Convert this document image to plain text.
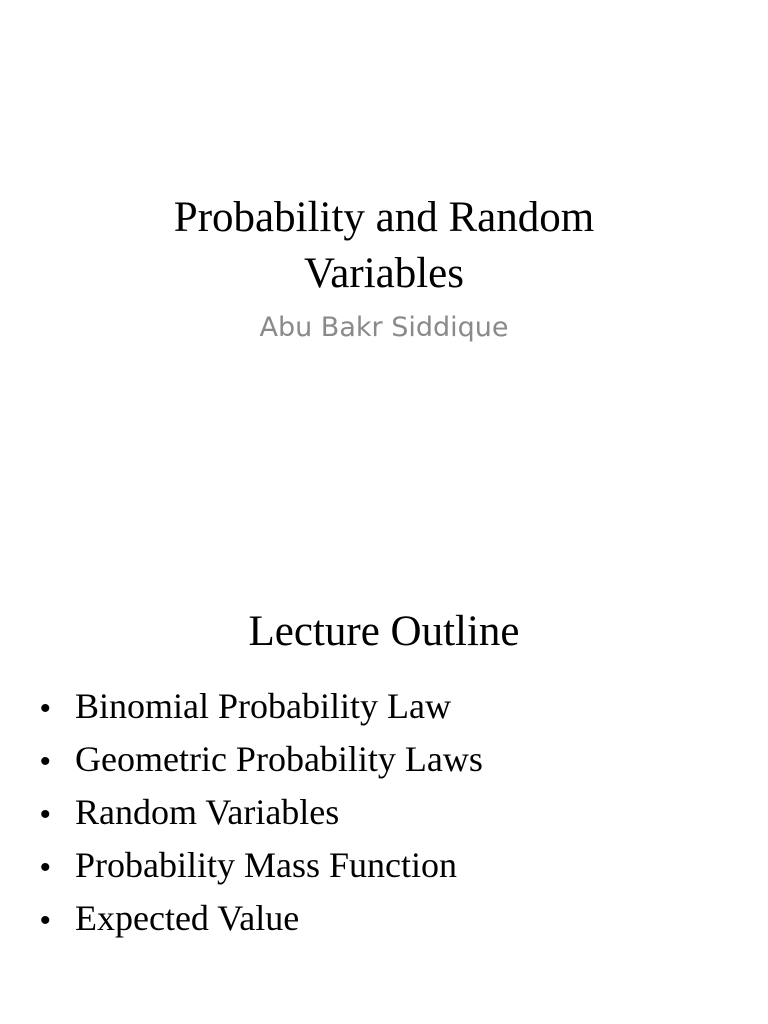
Probability and Random
Variables
Abu Bakr Siddique
Lecture Outline
• Binomial Probability Law
• Geometric Probability Laws
• Random Variables
• Probability Mass Function
• Expected Value
